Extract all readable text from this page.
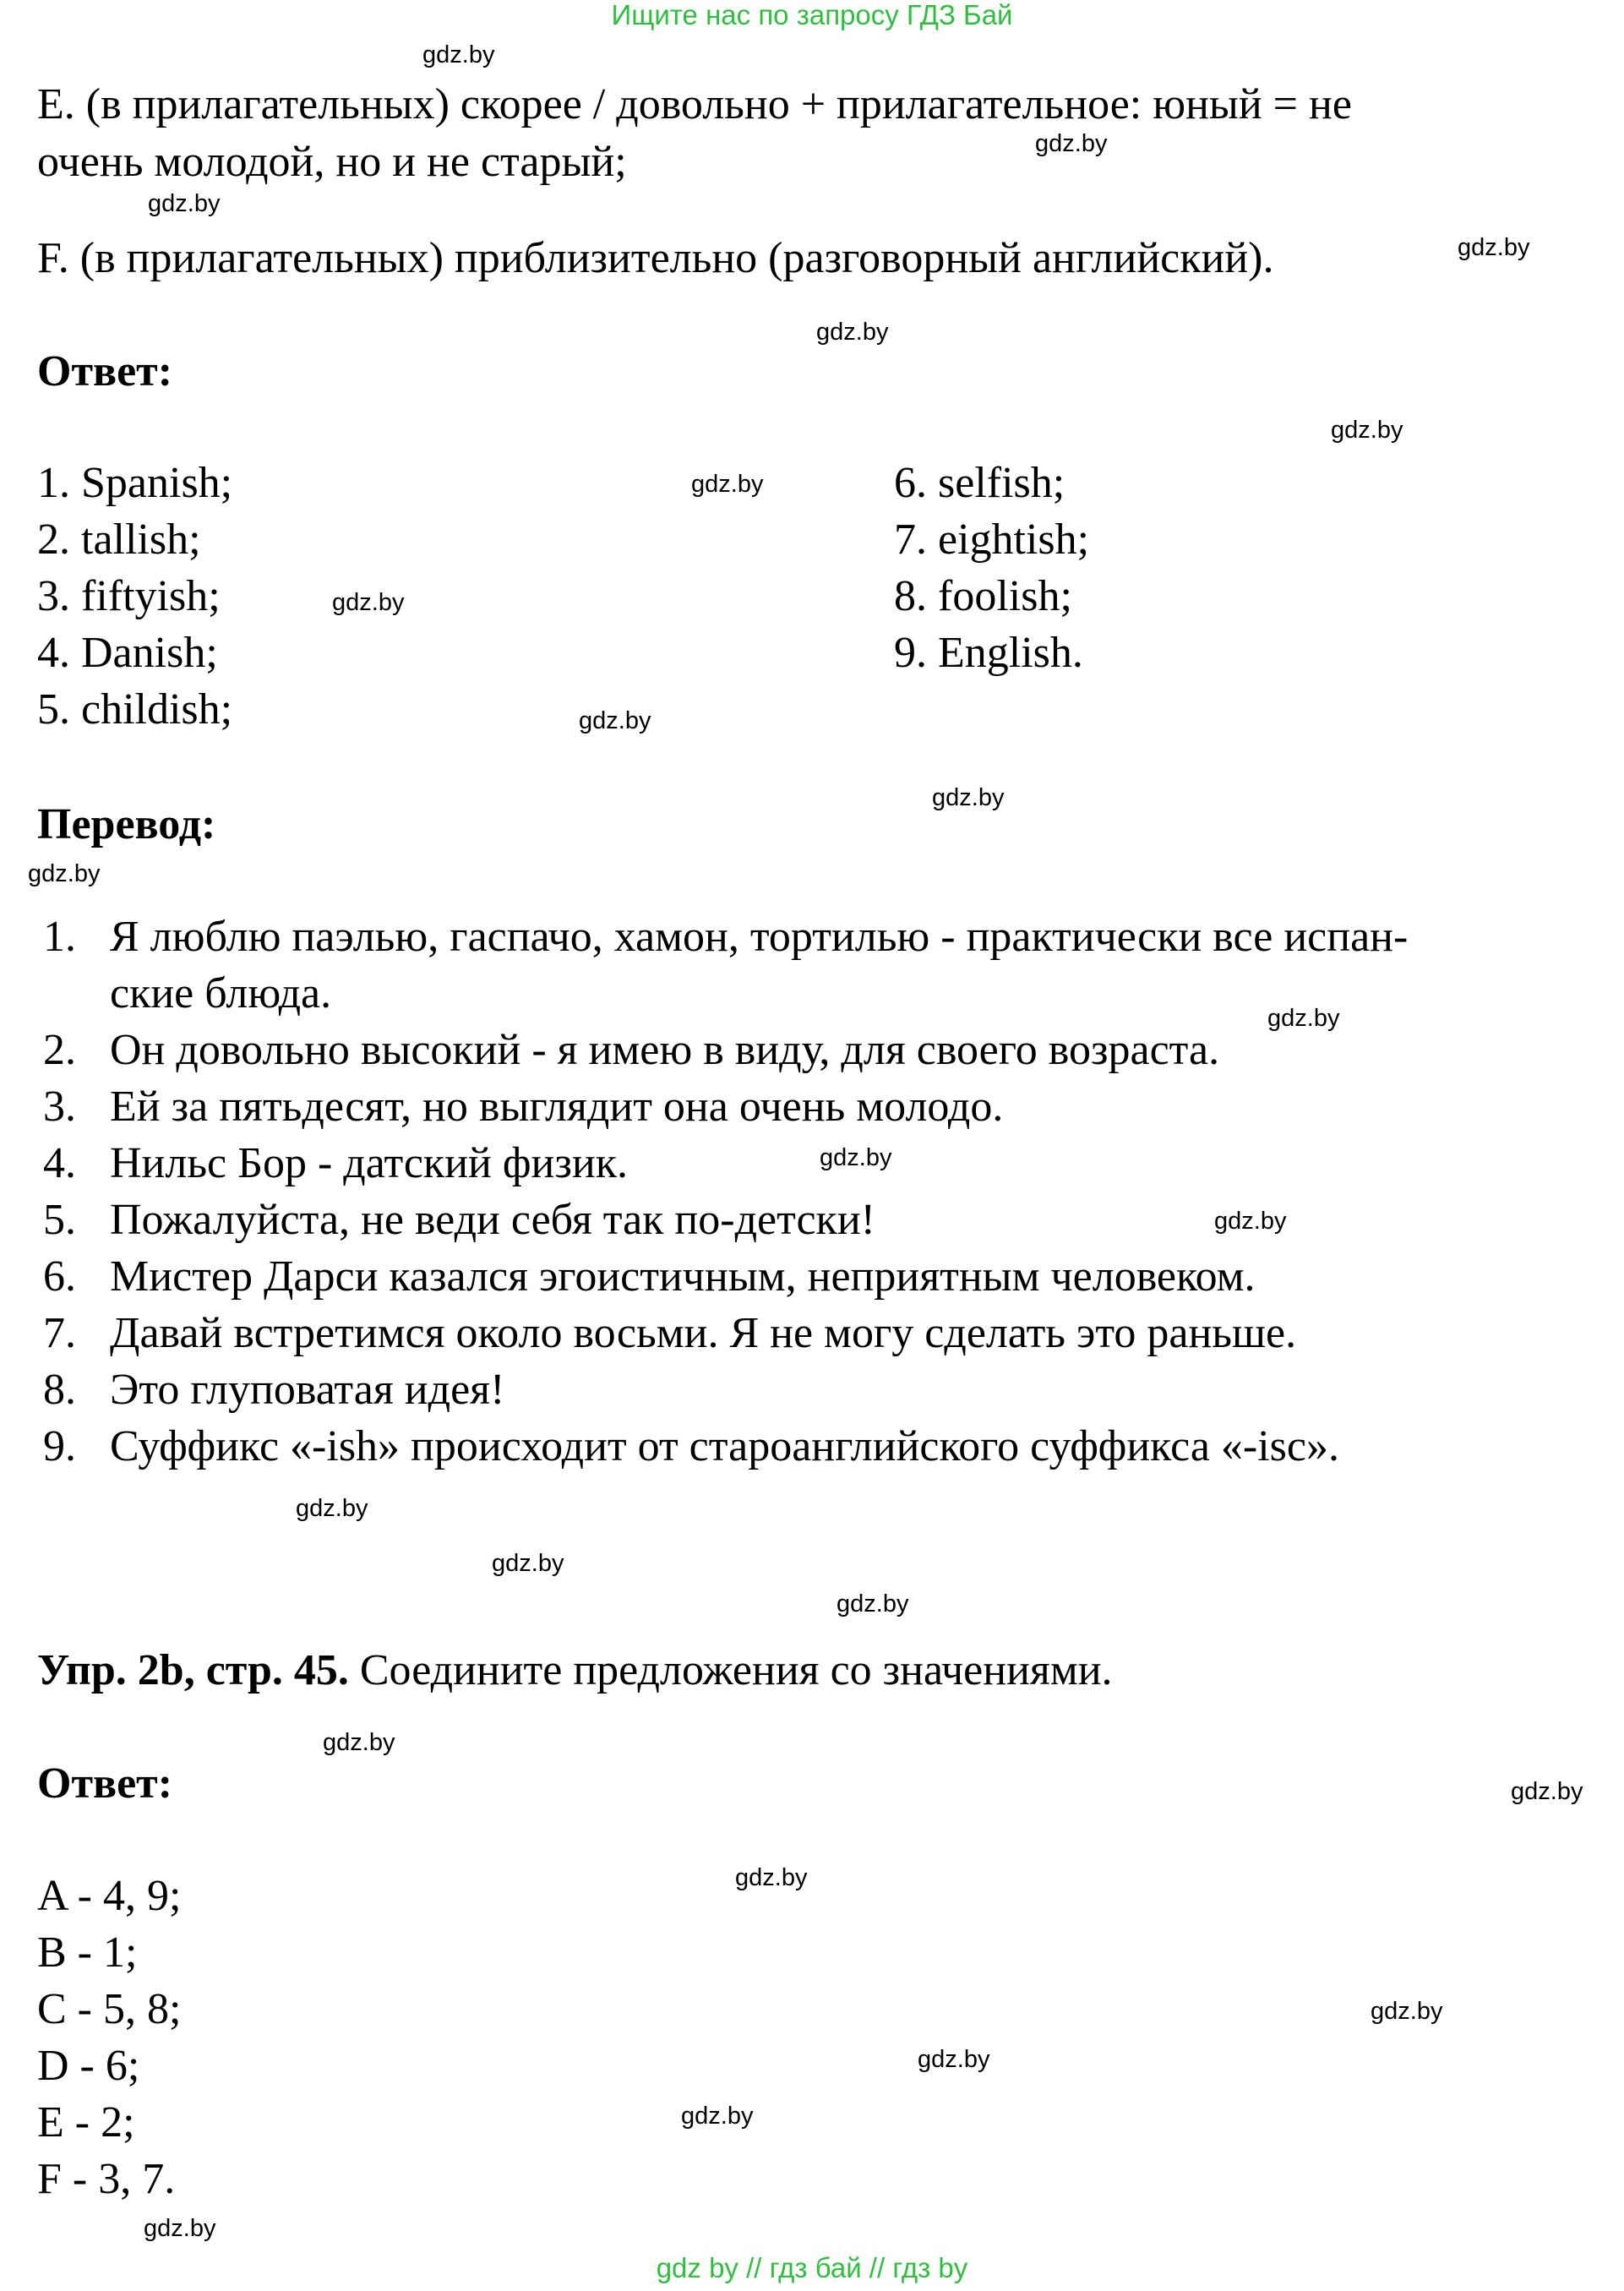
Ищите нас по запросу ГДЗ Бай
E. (в прилагательных) скорее / довольно + прилагательное: юный = не
очень молодой, но и не старый;
F. (в прилагательных) приблизительно (разговорный английский).
Ответ:
1. Spanish;
2. tallish;
3. fiftyish;
4. Danish;
5. childish;
6. selfish;
7. eightish;
8. foolish;
9. English.
Перевод:
1. Я люблю паэлью, гаспачо, хамон, тортилью - практически все испан-
ские блюда.
2. Он довольно высокий - я имею в виду, для своего возраста.
3. Ей за пятьдесят, но выглядит она очень молодо.
4. Нильс Бор - датский физик.
5. Пожалуйста, не веди себя так по-детски!
6. Мистер Дарси казался эгоистичным, неприятным человеком.
7. Давай встретимся около восьми. Я не могу сделать это раньше.
8. Это глуповатая идея!
9. Суффикс «-ish» происходит от староанглийского суффикса «-isc».
Упр. 2b, стр. 45. Соедините предложения со значениями.
Ответ:
A - 4, 9;
B - 1;
C - 5, 8;
D - 6;
E - 2;
F - 3, 7.
gdz.by
gdz.by
gdz.by
gdz.by
gdz.by
gdz.by
gdz.by
gdz.by
gdz.by
gdz.by
gdz.by
gdz.by
gdz.by
gdz.by
gdz.by
gdz.by
gdz.by
gdz.by
gdz.by
gdz.by
gdz.by
gdz.by
gdz.by
gdz.by
gdz by // гдз бай // гдз by
